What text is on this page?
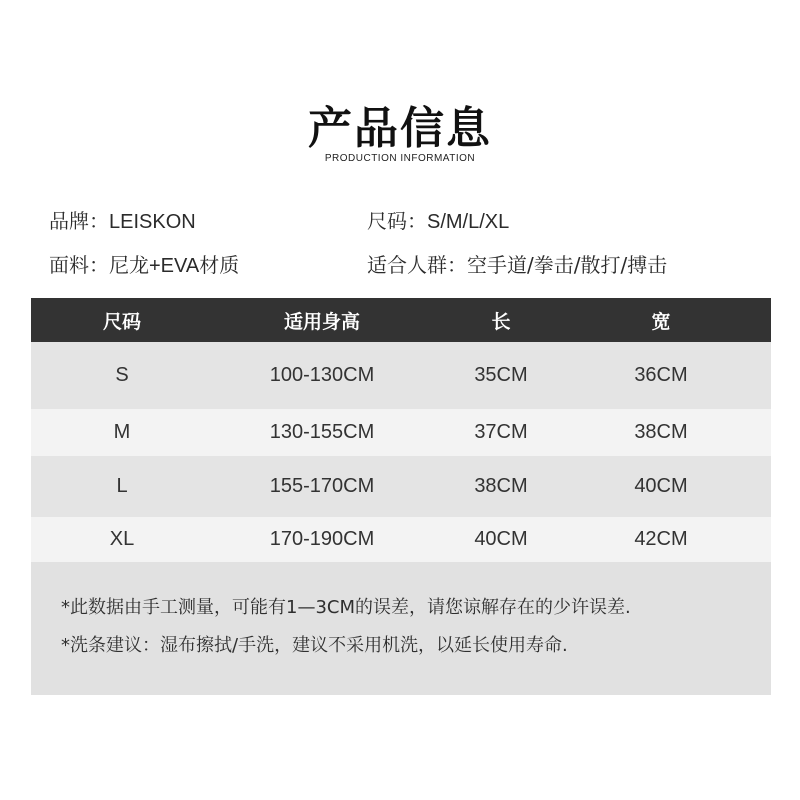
产品信息
PRODUCTION INFORMATION
品牌：LEISKON	尺码：S/M/L/XL
面料：尼龙+EVA材质	适合人群：空手道/拳击/散打/搏击
尺码	适用身高	长	宽
S	100-130CM	35CM	36CM
M	130-155CM	37CM	38CM
L	155-170CM	38CM	40CM
XL	170-190CM	40CM	42CM
*此数据由手工测量，可能有1—3CM的误差，请您谅解存在的少许误差.
*洗条建议：湿布擦拭/手洗，建议不采用机洗，以延长使用寿命.
